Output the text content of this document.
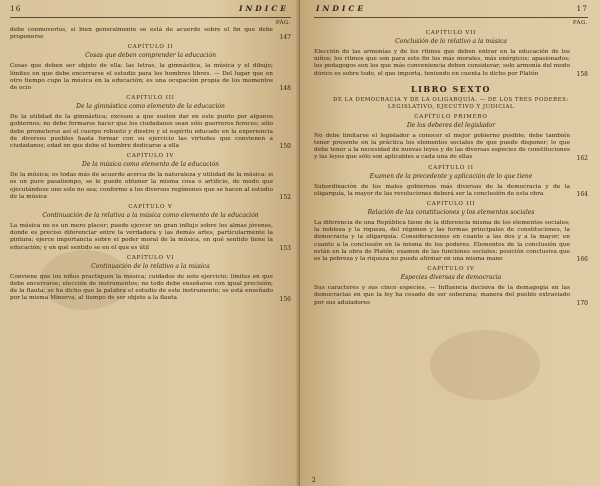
16	INDICE
PÁG.
debe conmoverlos, si bien generalmente se está de acuerdo sobre el fin que debe proponerse	147
CAPÍTULO II
Cosas que deben comprender la educación
Cosas que deben ser objeto de ella: las letras, la gimnástica, la música y el dibujo; límites en que debe encerrarse el estudio para los hombres libres. — Del lugar que en otro tiempo cupo la música en la educación; es una ocupación propia de los momentos de ocio	148
CAPÍTULO III
De la gimnástica como elemento de la educación
De la utilidad de la gimnástica; excesos a que suelen dar en este punto por algunos gobiernos; no debe formarse hacer que los ciudadanos sean sólo guerreros feroces; sólo debe prometerse así el cuerpo robusto y diestro y el espíritu educado en la experiencia de diversos pueblos hasta formar con su ejercicio las virtudes que convienen a ciudadanos; edad en que debe el hombre dedicarse a ella	150
CAPÍTULO IV
De la música como elemento de la educación
De la música; es todas más de acuerdo acerca de la naturaleza y utilidad de la música: si es un puro pasatiempo, se le puede obtener la misma cosa o artificio, de modo que ejecutándose uno solo no sea; conforme a los diversos regímenes que se hacen al estudio de la música	152
CAPÍTULO V
Continuación de la relativa a la música como elemento de la educación
La música no es un mero placer; puede ejercer un gran influjo sobre los almas jóvenes, donde es preciso diferenciar entre la verdadera y las demás artes, particularmente la pintura; ejerce importancia sobre el poder moral de la música, en qué sentido tiene la educación; y en qué sentido se en el que es útil	153
CAPÍTULO VI
Continuación de lo relativo a la música
Conviene que los niños practiquen la música; cuidados de esto ejercicio; límites en que debe encerrarse; elección de instrumentos; no todo debe enseñarse con igual precisión; de la flauta; se ha dicho que la palabra el estudio de este instrumento; se está enseñado por la misma Minerva, al tiempo de ser objeto a la flauta	156
INDICE	17
PÁG.
CAPÍTULO VII
Conclusión de lo relativo a la música
Elección de las armonías y de los ritmos que deben entrar en la educación de los niños; los ritmos que son para este fin los más morales, más enérgicos; apasionados; los pedagogos son los que más conveniencia deben considerar; solo armonía del modo dórico es sobre todo, el que importa, teniendo en cuenta lo dicho por Platón	158
LIBRO SEXTO
DE LA DEMOCRACIA Y DE LA OLIGARQUÍA. — DE LOS TRES PODERES: LEGISLATIVO, EJECUTIVO Y JUDICIAL
CAPÍTULO PRIMERO
De los deberes del legislador
No debe limitarse el legislador a conocer el mejor gobierno posible; debe también tener presente en la práctica los elementos sociales de que puede disponer; lo que debe tener a la necesidad de nuevas leyes y de las diversas especies de constituciones y las leyes que sólo son aplicables a cada una de ellas	162
CAPÍTULO II
Examen de la precedente y aplicación de lo que tiene
Subordinación de los malos gobiernos más diversas de la democracia y de la oligarquía, la mayor de las revoluciones deberá ser la conclusión de esta obra	164
CAPÍTULO III
Relación de las constituciones y los elementos sociales
La diferencia de una República tiene de la diferencia misma de los elementos sociales; la nobleza y la riqueza, del régimen y las formas principales de constituciones, la democracia y la oligarquía. Consideraciones en cuanto a las dos y a la mayor; en cuanto a la conclusión en la misma de los poderes. Elementos de la conclusión que están en la obra de Platón; examen de las funciones sociales; posición conclusiva que es la pobreza y la riqueza no puede afirmar en una misma mano	166
CAPÍTULO IV
Especies diversas de democracia
Sus caracteres y sus cinco especies. — Influencia decisiva de la demagogia en las democracias en que la ley ha cesado de ser soberana; manera del pueblo extraviado por sus aduladores	170
2
